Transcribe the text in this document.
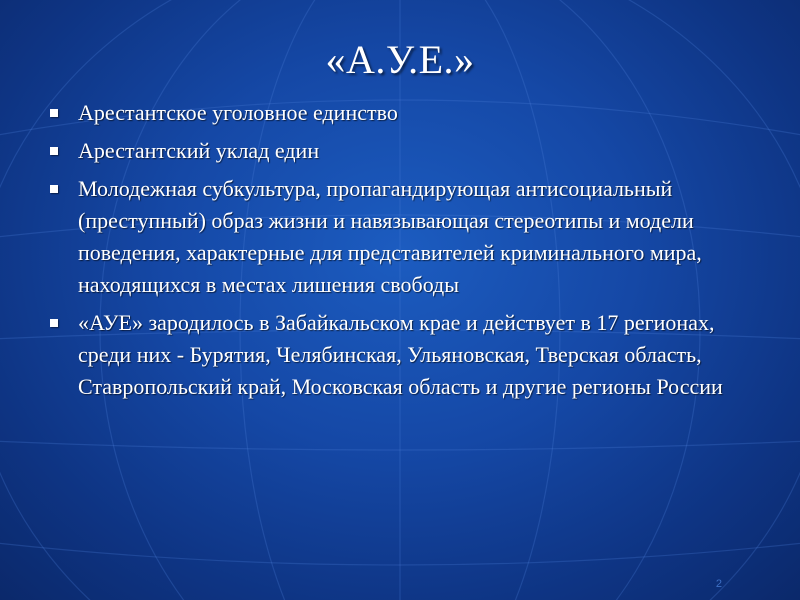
«А.У.Е.»
Арестантское уголовное единство
Арестантский уклад един
Молодежная субкультура, пропагандирующая антисоциальный (преступный) образ жизни и навязывающая стереотипы и модели поведения, характерные для представителей криминального мира, находящихся в местах лишения свободы
«АУЕ» зародилось в Забайкальском крае и действует в 17 регионах, среди них - Бурятия, Челябинская, Ульяновская, Тверская область, Ставропольский край, Московская область и другие регионы России
2
